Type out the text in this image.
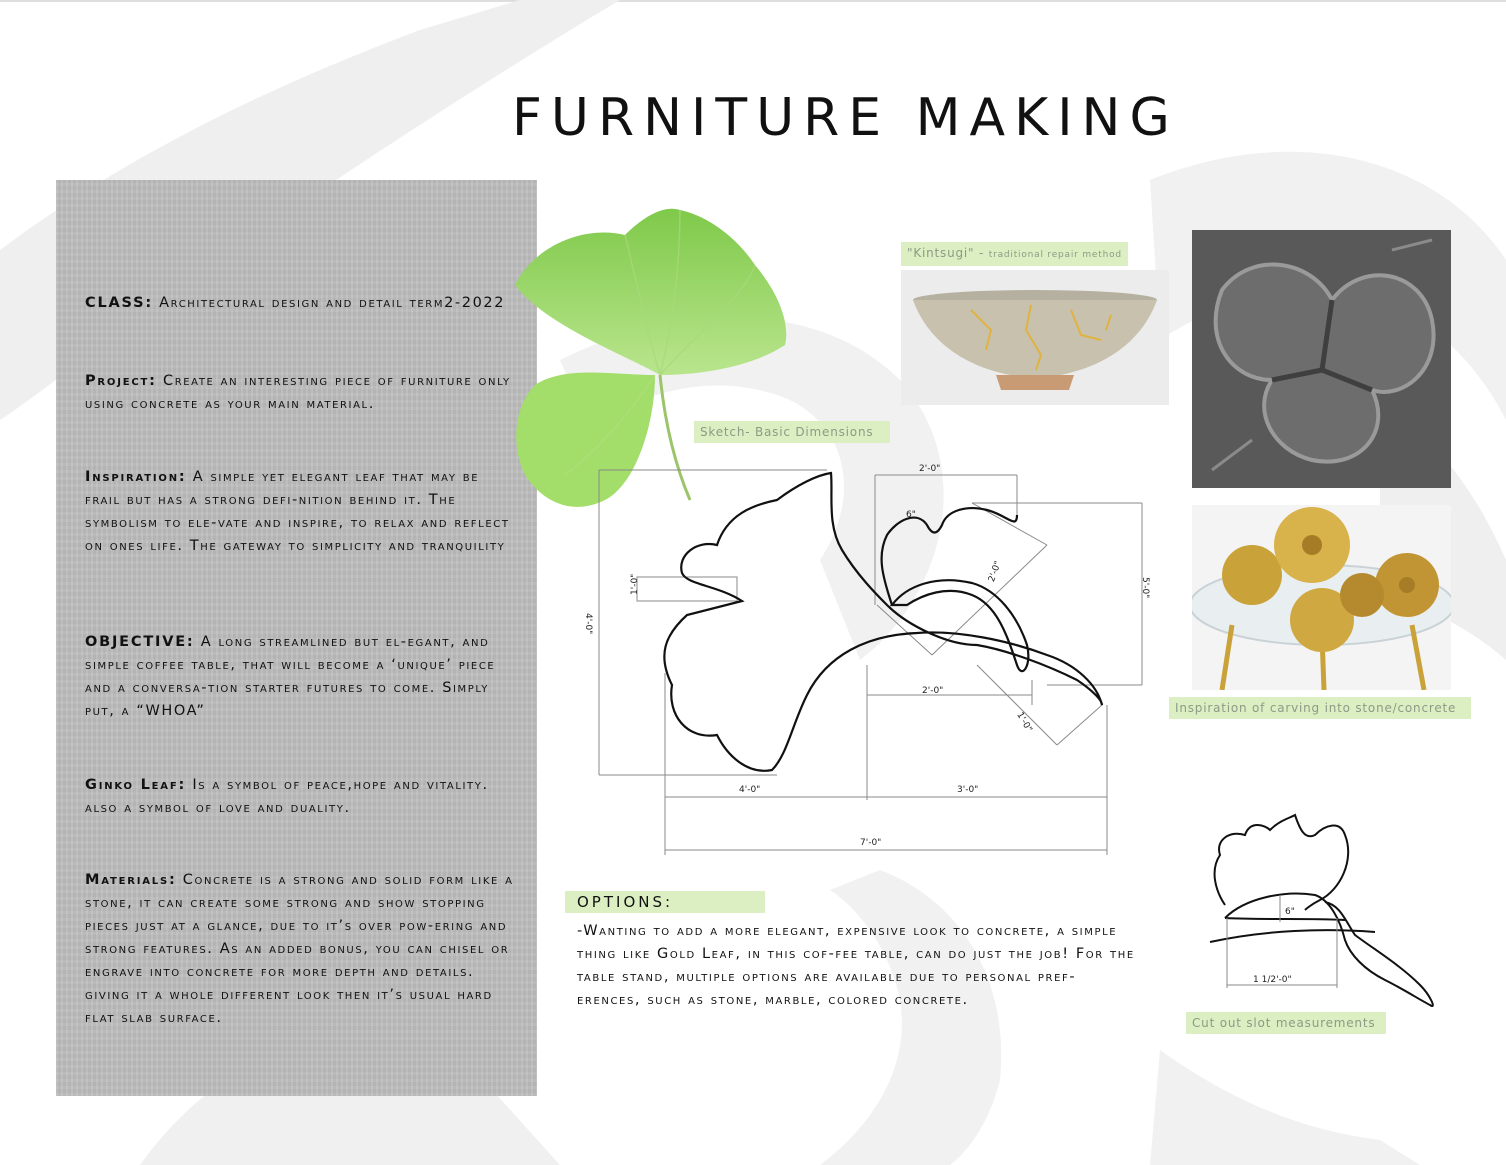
FURNITURE MAKING
CLASS: Architectural design and detail term2-2022
Project: Create an interesting piece of furniture only using concrete as your main material.
Inspiration: A simple yet elegant leaf that may be frail but has a strong defi-nition behind it. The symbolism to ele-vate and inspire, to relax and reflect on ones life. The gateway to simplicity and tranquility
OBJECTIVE: A long streamlined but el-egant, and simple coffee table, that will become a ‘unique’ piece and a conversa-tion starter futures to come. Simply put, a “WHOA”
Ginko Leaf: Is a symbol of peace,hope and vitality. also a symbol of love and duality.
Materials: Concrete is a strong and solid form like a stone, it can create some strong and show stopping pieces just at a glance, due to it’s over pow-ering and strong features. As an added bonus, you can chisel or engrave into concrete for more depth and details. giving it a whole different look then it’s usual hard flat slab surface.
"Kintsugi" - traditional repair method
Inspiration of carving into stone/concrete
Sketch- Basic Dimensions
2'-0"
6"
2'-0"
1'-0"
4'-0"
5'-0"
2'-0"
1'-0"
4'-0"	3'-0"
7'-0"
OPTIONS:
-Wanting to add a more elegant, expensive look to concrete, a simple thing like Gold Leaf, in this cof-fee table, can do just the job! For the table stand, multiple options are available due to personal pref-erences, such as stone, marble, colored concrete.
6"
1 1/2'-0"
Cut out slot measurements
